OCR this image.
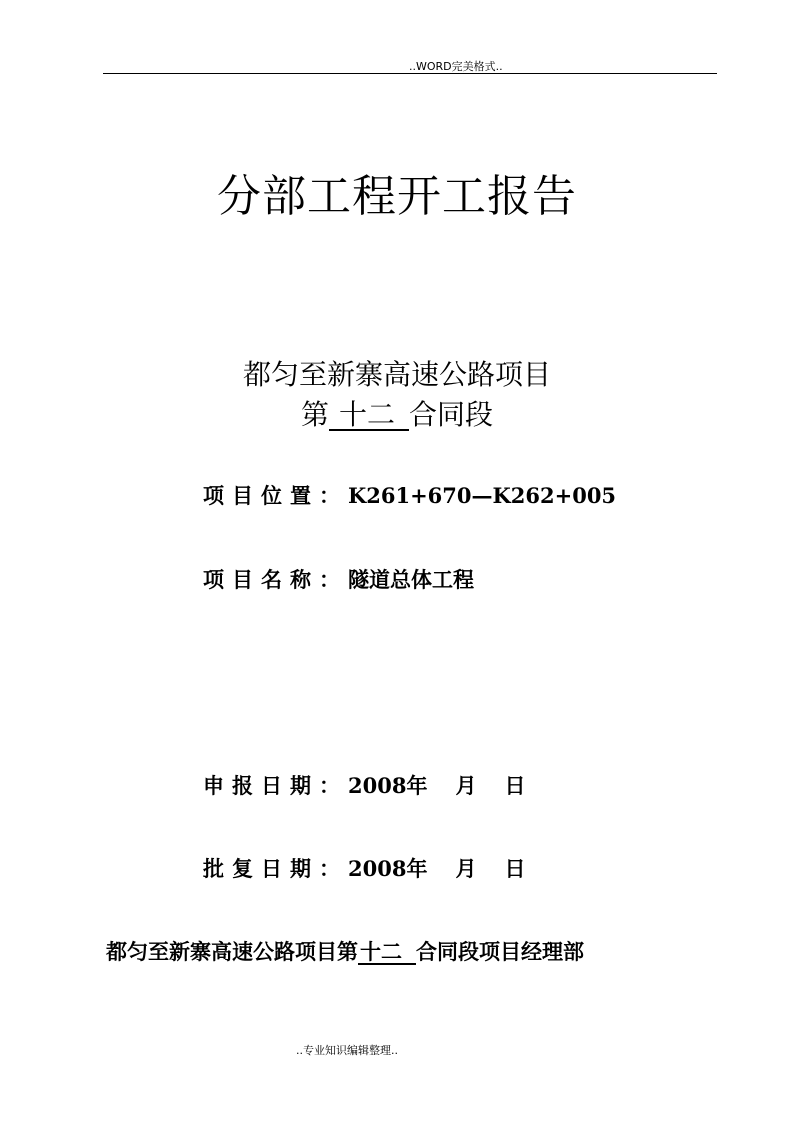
..WORD完美格式..
分部工程开工报告
都匀至新寨高速公路项目
第 十二 合同段
项目位置：K261+670—K262+005
项目名称：隧道总体工程
申报日期：2008年 月 日
批复日期：2008年 月 日
都匀至新寨高速公路项目第十二 合同段项目经理部
..专业知识编辑整理..
